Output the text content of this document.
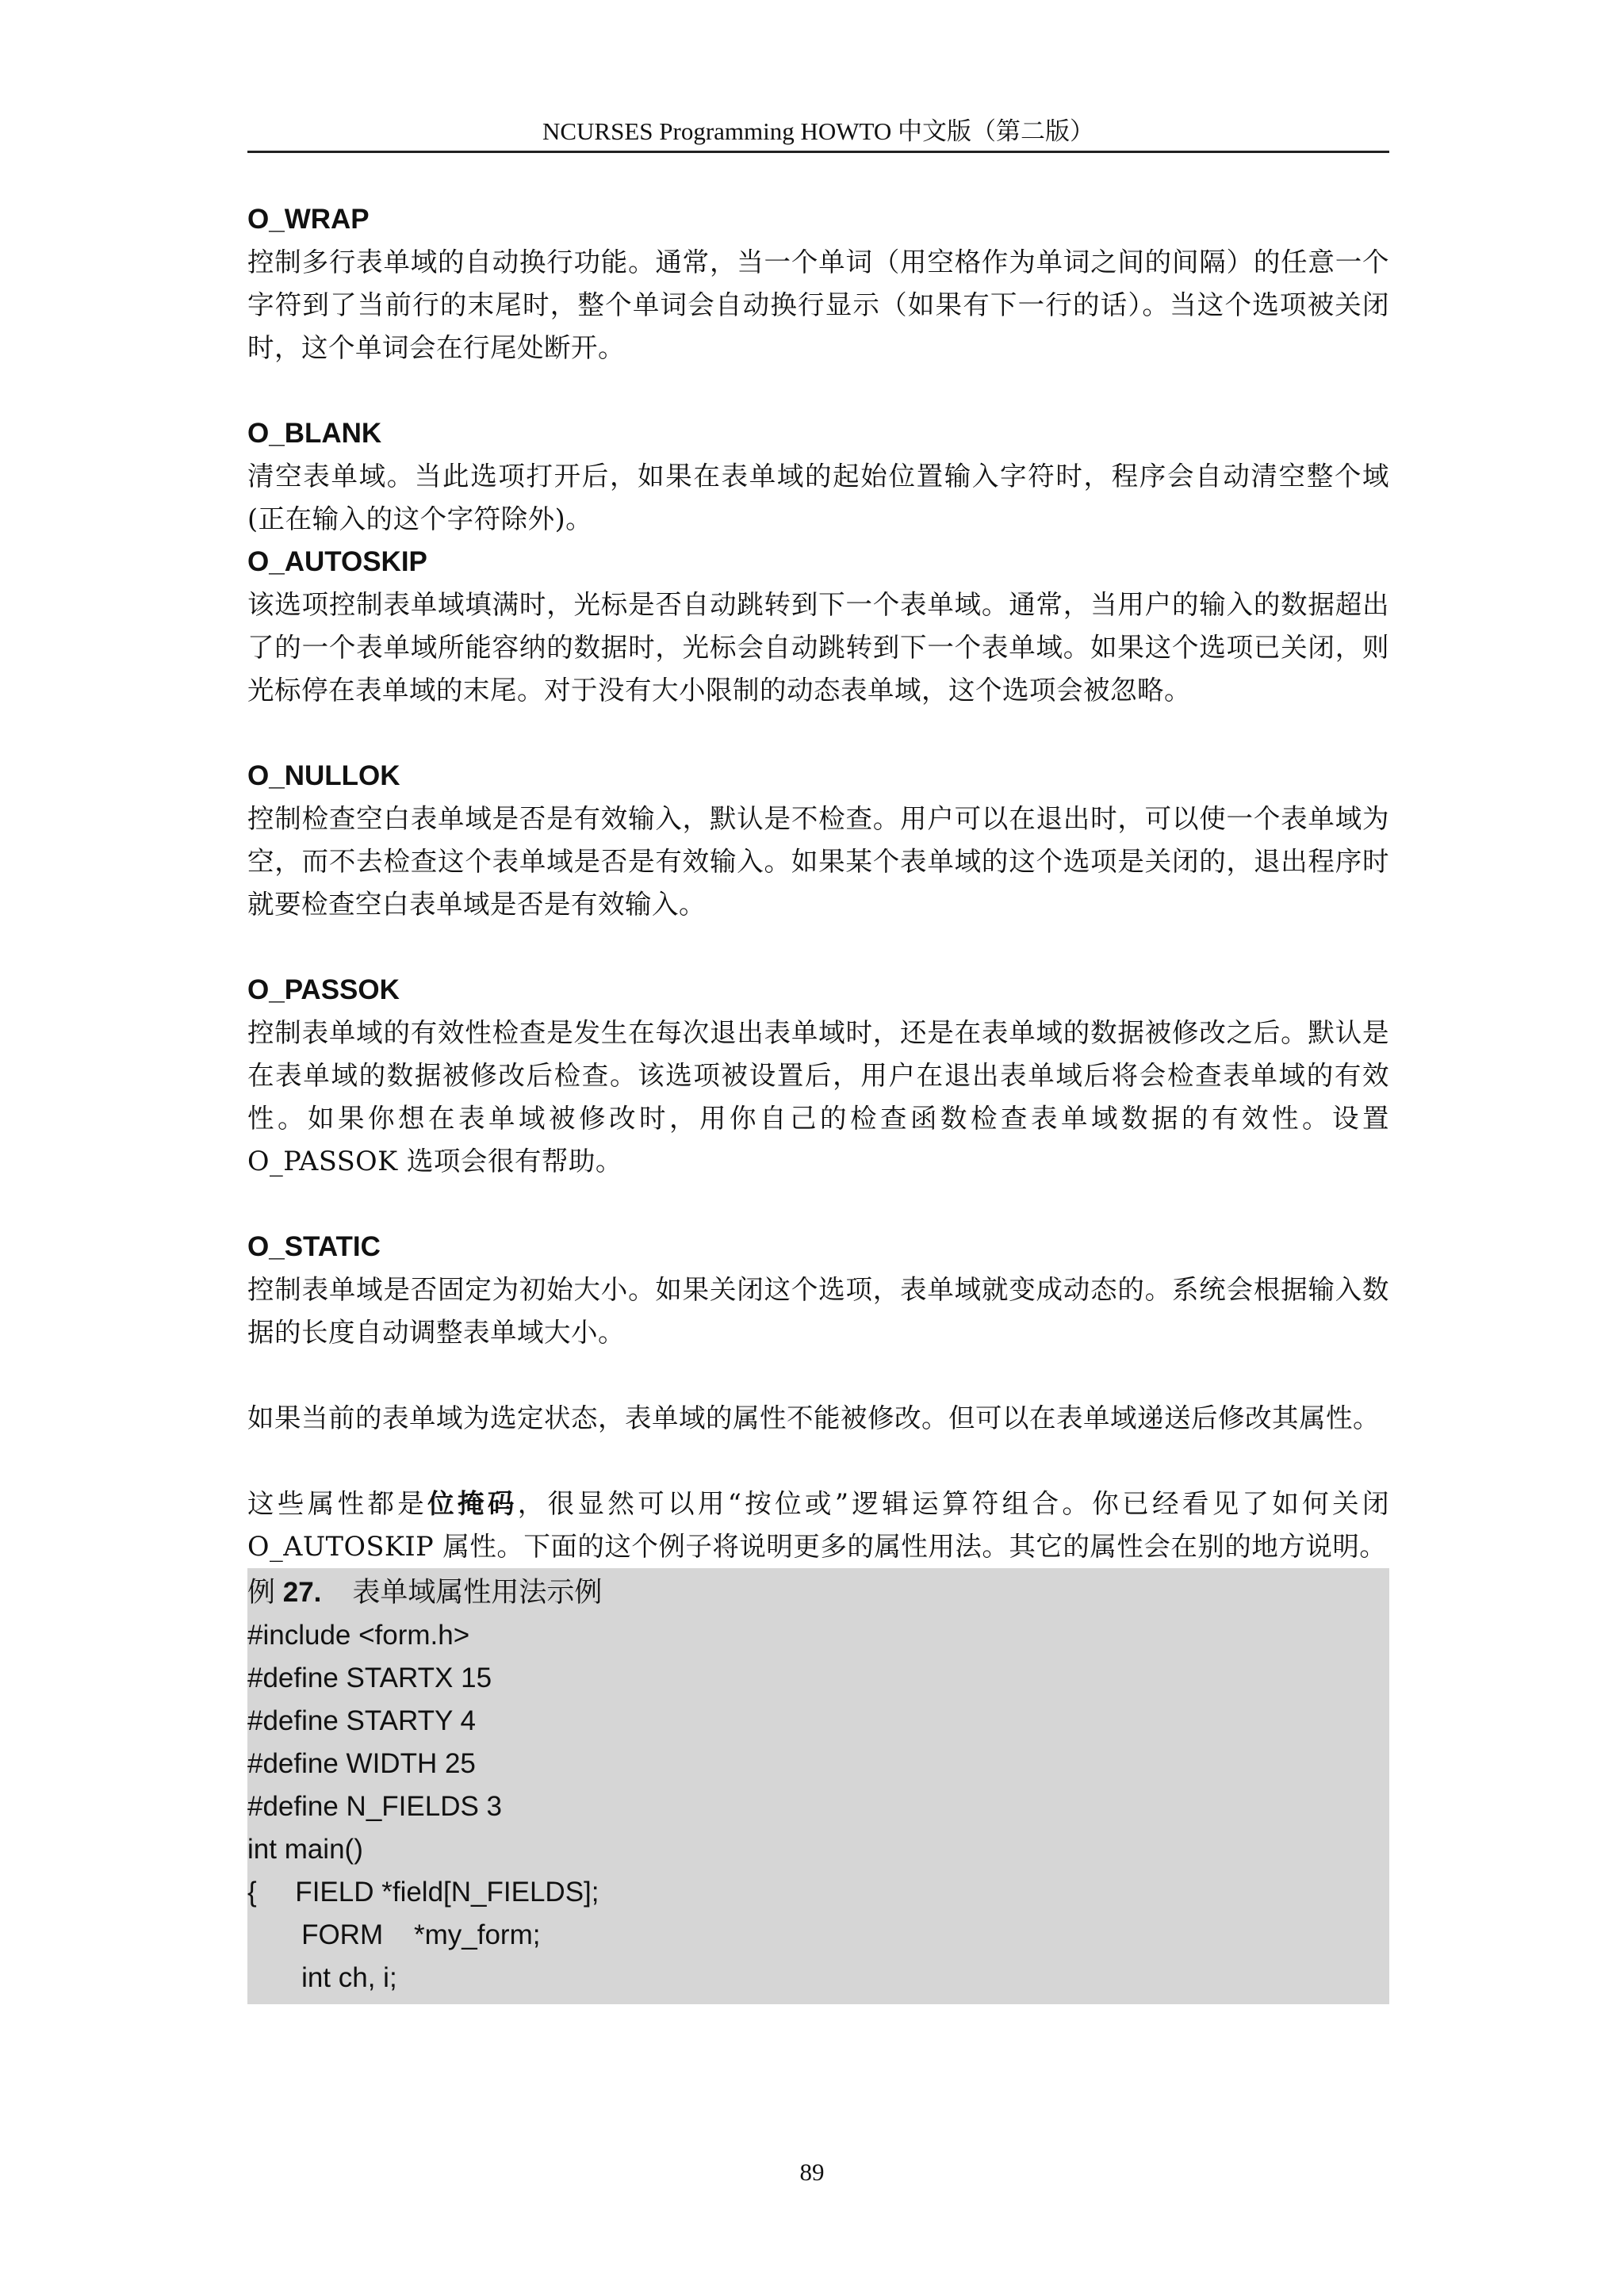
NCURSES Programming HOWTO 中文版（第二版）
O_WRAP
控制多行表单域的自动换行功能。通常，当一个单词（用空格作为单词之间的间隔）的任意一个字符到了当前行的末尾时，整个单词会自动换行显示（如果有下一行的话）。当这个选项被关闭时，这个单词会在行尾处断开。
O_BLANK
清空表单域。当此选项打开后，如果在表单域的起始位置输入字符时，程序会自动清空整个域(正在输入的这个字符除外)。
O_AUTOSKIP
该选项控制表单域填满时，光标是否自动跳转到下一个表单域。通常，当用户的输入的数据超出了的一个表单域所能容纳的数据时，光标会自动跳转到下一个表单域。如果这个选项已关闭，则光标停在表单域的末尾。对于没有大小限制的动态表单域，这个选项会被忽略。
O_NULLOK
控制检查空白表单域是否是有效输入，默认是不检查。用户可以在退出时，可以使一个表单域为空，而不去检查这个表单域是否是有效输入。如果某个表单域的这个选项是关闭的，退出程序时就要检查空白表单域是否是有效输入。
O_PASSOK
控制表单域的有效性检查是发生在每次退出表单域时，还是在表单域的数据被修改之后。默认是在表单域的数据被修改后检查。该选项被设置后，用户在退出表单域后将会检查表单域的有效性。如果你想在表单域被修改时，用你自己的检查函数检查表单域数据的有效性。设置 O_PASSOK 选项会很有帮助。
O_STATIC
控制表单域是否固定为初始大小。如果关闭这个选项，表单域就变成动态的。系统会根据输入数据的长度自动调整表单域大小。
如果当前的表单域为选定状态，表单域的属性不能被修改。但可以在表单域递送后修改其属性。
这些属性都是位掩码，很显然可以用“按位或”逻辑运算符组合。你已经看见了如何关闭O_AUTOSKIP 属性。下面的这个例子将说明更多的属性用法。其它的属性会在别的地方说明。
例 27. 表单域属性用法示例
#include <form.h>
#define STARTX 15
#define STARTY 4
#define WIDTH 25
#define N_FIELDS 3
int main()
{     FIELD *field[N_FIELDS];
FORM    *my_form;
int ch, i;
89
